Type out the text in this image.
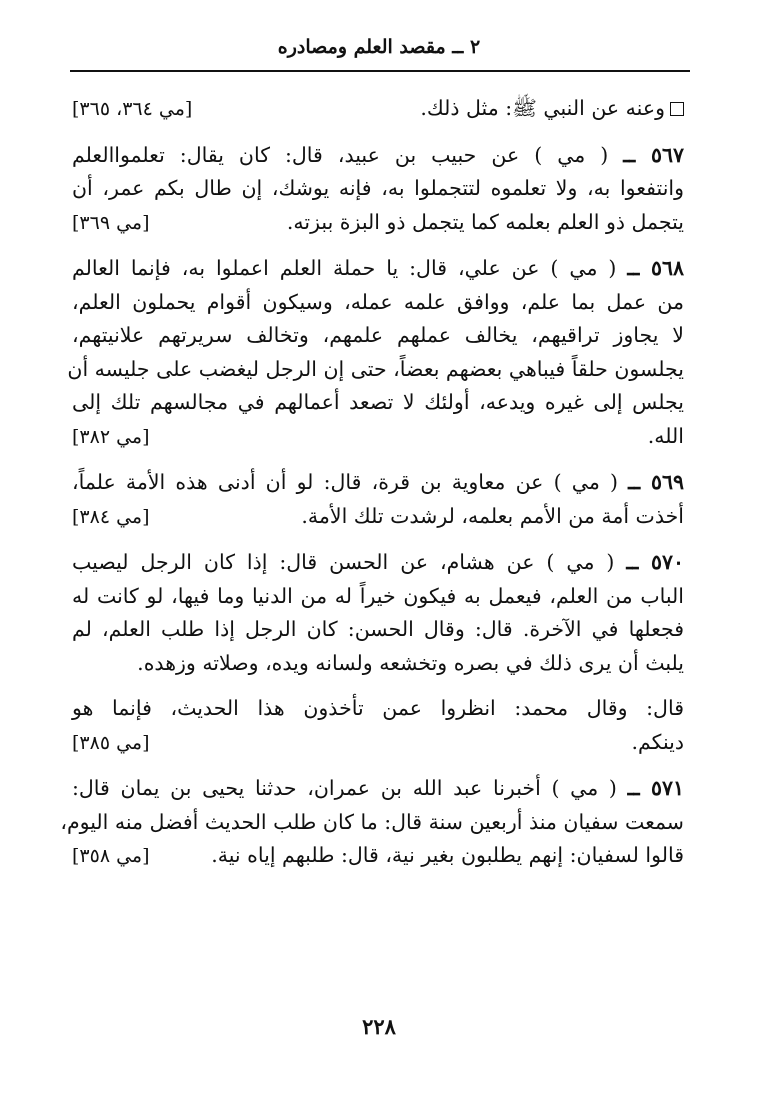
٢ ــ مقصد العلم ومصادره
وعنه عن النبي ﷺ: مثل ذلك.
[مي ٣٦٤، ٣٦٥]
٥٦٧ ــ ( مي ) عن حبيب بن عبيد، قال: كان يقال: تعلمواالعلم
وانتفعوا به، ولا تعلموه لتتجملوا به، فإنه يوشك، إن طال بكم عمر، أن
يتجمل ذو العلم بعلمه كما يتجمل ذو البزة ببزته.
[مي ٣٦٩]
٥٦٨ ــ ( مي ) عن علي، قال: يا حملة العلم اعملوا به، فإنما العالم
من عمل بما علم، ووافق علمه عمله، وسيكون أقوام يحملون العلم،
لا يجاوز تراقيهم، يخالف عملهم علمهم، وتخالف سريرتهم علانيتهم،
يجلسون حلقاً فيباهي بعضهم بعضاً، حتى إن الرجل ليغضب على جليسه أن
يجلس إلى غيره ويدعه، أولئك لا تصعد أعمالهم في مجالسهم تلك إلى
الله.
[مي ٣٨٢]
٥٦٩ ــ ( مي ) عن معاوية بن قرة، قال: لو أن أدنى هذه الأمة علماً،
أخذت أمة من الأمم بعلمه، لرشدت تلك الأمة.
[مي ٣٨٤]
٥٧٠ ــ ( مي ) عن هشام، عن الحسن قال: إذا كان الرجل ليصيب
الباب من العلم، فيعمل به فيكون خيراً له من الدنيا وما فيها، لو كانت له
فجعلها في الآخرة. قال: وقال الحسن: كان الرجل إذا طلب العلم، لم
يلبث أن يرى ذلك في بصره وتخشعه ولسانه ويده، وصلاته وزهده.
قال: وقال محمد: انظروا عمن تأخذون هذا الحديث، فإنما هو
دينكم.
[مي ٣٨٥]
٥٧١ ــ ( مي ) أخبرنا عبد الله بن عمران، حدثنا يحيى بن يمان قال:
سمعت سفيان منذ أربعين سنة قال: ما كان طلب الحديث أفضل منه اليوم،
قالوا لسفيان: إنهم يطلبون بغير نية، قال: طلبهم إياه نية.
[مي ٣٥٨]
٢٢٨
